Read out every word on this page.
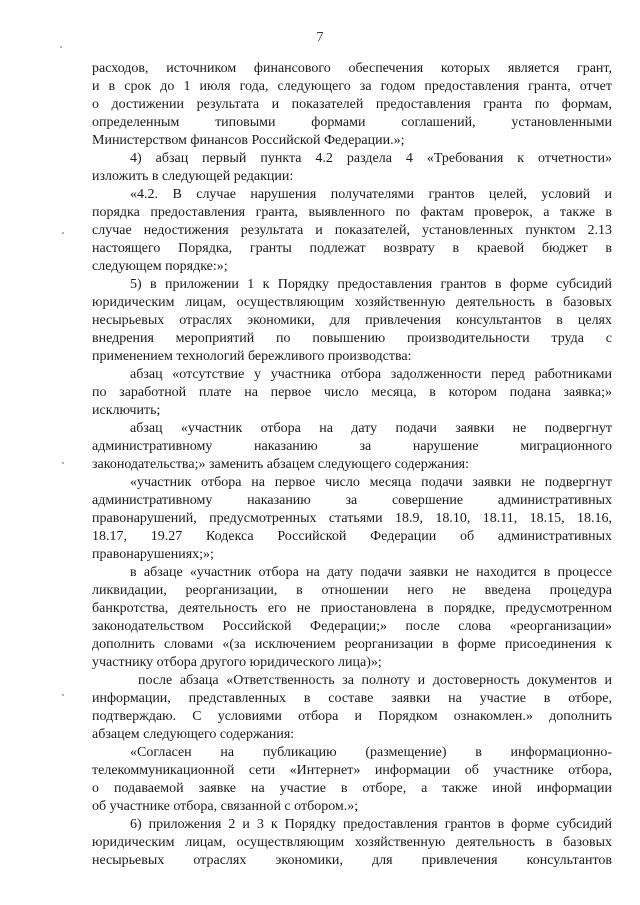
7
расходов, источником финансового обеспечения которых является грант,
и в срок до 1 июля года, следующего за годом предоставления гранта, отчет
о достижении результата и показателей предоставления гранта по формам,
определенным типовыми формами соглашений, установленными
Министерством финансов Российской Федерации.»;
4) абзац первый пункта 4.2 раздела 4 «Требования к отчетности»
изложить в следующей редакции:
«4.2. В случае нарушения получателями грантов целей, условий и
порядка предоставления гранта, выявленного по фактам проверок, а также в
случае недостижения результата и показателей, установленных пунктом 2.13
настоящего Порядка, гранты подлежат возврату в краевой бюджет в
следующем порядке:»;
5) в приложении 1 к Порядку предоставления грантов в форме субсидий
юридическим лицам, осуществляющим хозяйственную деятельность в базовых
несырьевых отраслях экономики, для привлечения консультантов в целях
внедрения мероприятий по повышению производительности труда с
применением технологий бережливого производства:
абзац «отсутствие у участника отбора задолженности перед работниками
по заработной плате на первое число месяца, в котором подана заявка;»
исключить;
абзац «участник отбора на дату подачи заявки не подвергнут
административному наказанию за нарушение миграционного
законодательства;» заменить абзацем следующего содержания:
«участник отбора на первое число месяца подачи заявки не подвергнут
административному наказанию за совершение административных
правонарушений, предусмотренных статьями 18.9, 18.10, 18.11, 18.15, 18.16,
18.17, 19.27 Кодекса Российской Федерации об административных
правонарушениях;»;
в абзаце «участник отбора на дату подачи заявки не находится в процессе
ликвидации, реорганизации, в отношении него не введена процедура
банкротства, деятельность его не приостановлена в порядке, предусмотренном
законодательством Российской Федерации;» после слова «реорганизации»
дополнить словами «(за исключением реорганизации в форме присоединения к
участнику отбора другого юридического лица)»;
после абзаца «Ответственность за полноту и достоверность документов и
информации, представленных в составе заявки на участие в отборе,
подтверждаю. С условиями отбора и Порядком ознакомлен.» дополнить
абзацем следующего содержания:
«Согласен на публикацию (размещение) в информационно-
телекоммуникационной сети «Интернет» информации об участнике отбора,
о подаваемой заявке на участие в отборе, а также иной информации
об участнике отбора, связанной с отбором.»;
6) приложения 2 и 3 к Порядку предоставления грантов в форме субсидий
юридическим лицам, осуществляющим хозяйственную деятельность в базовых
несырьевых отраслях экономики, для привлечения консультантов
